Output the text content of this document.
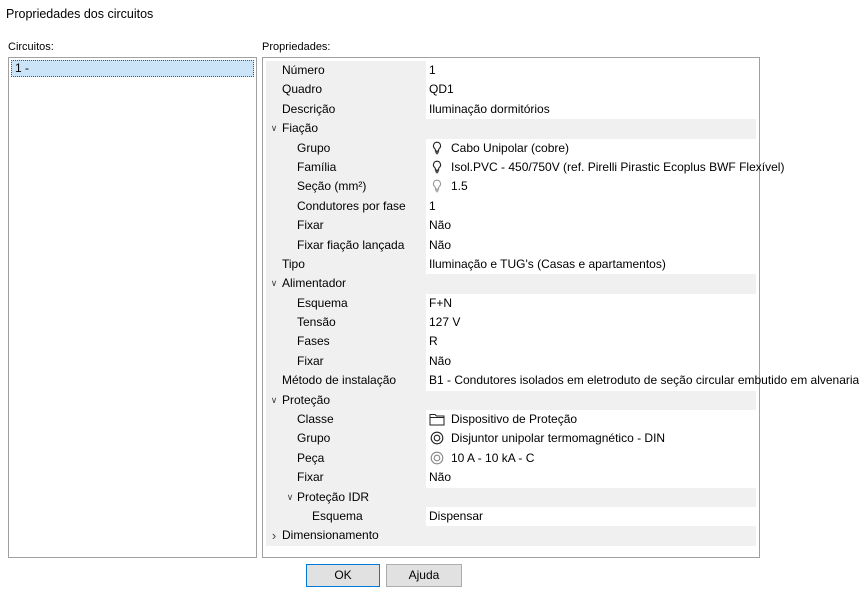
Propriedades dos circuitos
Circuitos:
1 -
Propriedades:
Número	1
Quadro	QD1
Descrição	Iluminação dormitórios
∨ Fiação
Grupo	Cabo Unipolar (cobre)
Família	Isol.PVC - 450/750V (ref. Pirelli Pirastic Ecoplus BWF Flexível)
Seção (mm²)	1.5
Condutores por fase	1
Fixar	Não
Fixar fiação lançada	Não
Tipo	Iluminação e TUG's (Casas e apartamentos)
∨ Alimentador
Esquema	F+N
Tensão	127 V
Fases	R
Fixar	Não
Método de instalação	B1 - Condutores isolados em eletroduto de seção circular embutido em alvenaria
∨ Proteção
Classe	Dispositivo de Proteção
Grupo	Disjuntor unipolar termomagnético - DIN
Peça	10 A - 10 kA - C
Fixar	Não
∨ Proteção IDR
Esquema	Dispensar
› Dimensionamento
OK	Ajuda
